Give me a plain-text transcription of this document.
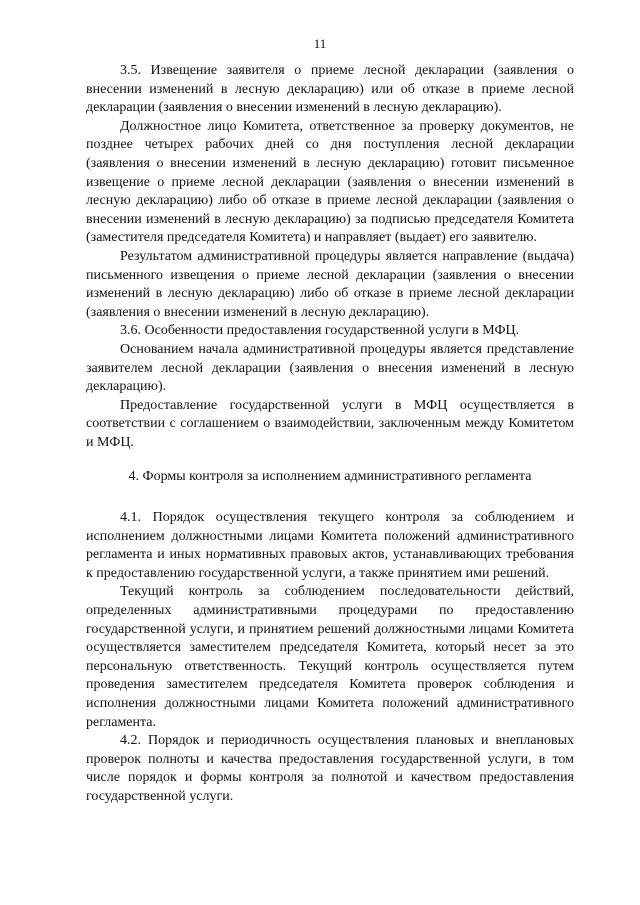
11

3.5. Извещение заявителя о приеме лесной декларации (заявления о внесении изменений в лесную декларацию) или об отказе в приеме лесной декларации (заявления о внесении изменений в лесную декларацию).

Должностное лицо Комитета, ответственное за проверку документов, не позднее четырех рабочих дней со дня поступления лесной декларации (заявления о внесении изменений в лесную декларацию) готовит письменное извещение о приеме лесной декларации (заявления о внесении изменений в лесную декларацию) либо об отказе в приеме лесной декларации (заявления о внесении изменений в лесную декларацию) за подписью председателя Комитета (заместителя председателя Комитета) и направляет (выдает) его заявителю.

Результатом административной процедуры является направление (выдача) письменного извещения о приеме лесной декларации (заявления о внесении изменений в лесную декларацию) либо об отказе в приеме лесной декларации (заявления о внесении изменений в лесную декларацию).

3.6. Особенности предоставления государственной услуги в МФЦ.

Основанием начала административной процедуры является представление заявителем лесной декларации (заявления о внесения изменений в лесную декларацию).

Предоставление государственной услуги в МФЦ осуществляется в соответствии с соглашением о взаимодействии, заключенным между Комитетом и МФЦ.

4. Формы контроля за исполнением административного регламента

4.1. Порядок осуществления текущего контроля за соблюдением и исполнением должностными лицами Комитета положений административного регламента и иных нормативных правовых актов, устанавливающих требования к предоставлению государственной услуги, а также принятием ими решений.

Текущий контроль за соблюдением последовательности действий, определенных административными процедурами по предоставлению государственной услуги, и принятием решений должностными лицами Комитета осуществляется заместителем председателя Комитета, который несет за это персональную ответственность. Текущий контроль осуществляется путем проведения заместителем председателя Комитета проверок соблюдения и исполнения должностными лицами Комитета положений административного регламента.

4.2. Порядок и периодичность осуществления плановых и внеплановых проверок полноты и качества предоставления государственной услуги, в том числе порядок и формы контроля за полнотой и качеством предоставления государственной услуги.
